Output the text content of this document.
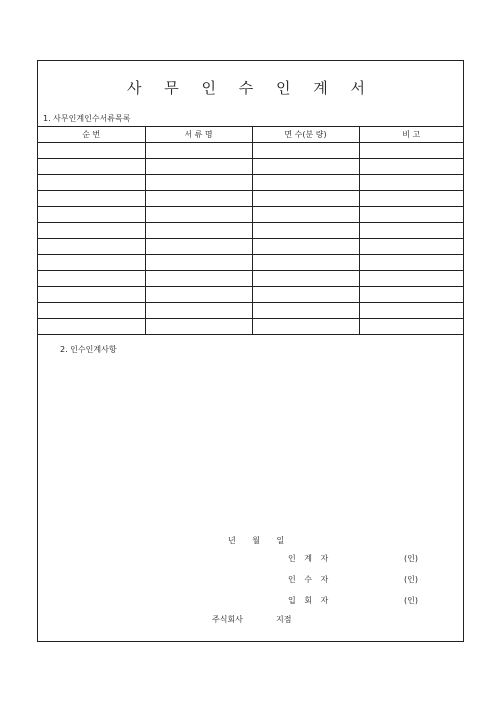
사 무 인 수 인 계 서
1. 사무인계인수서류목록
순 번	서 류 명	면 수(분 량)	비 고

2. 인수인계사항
년 월 일
인 계 자	(인)
인 수 자	(인)
입 회 자	(인)
주식회사	지점
